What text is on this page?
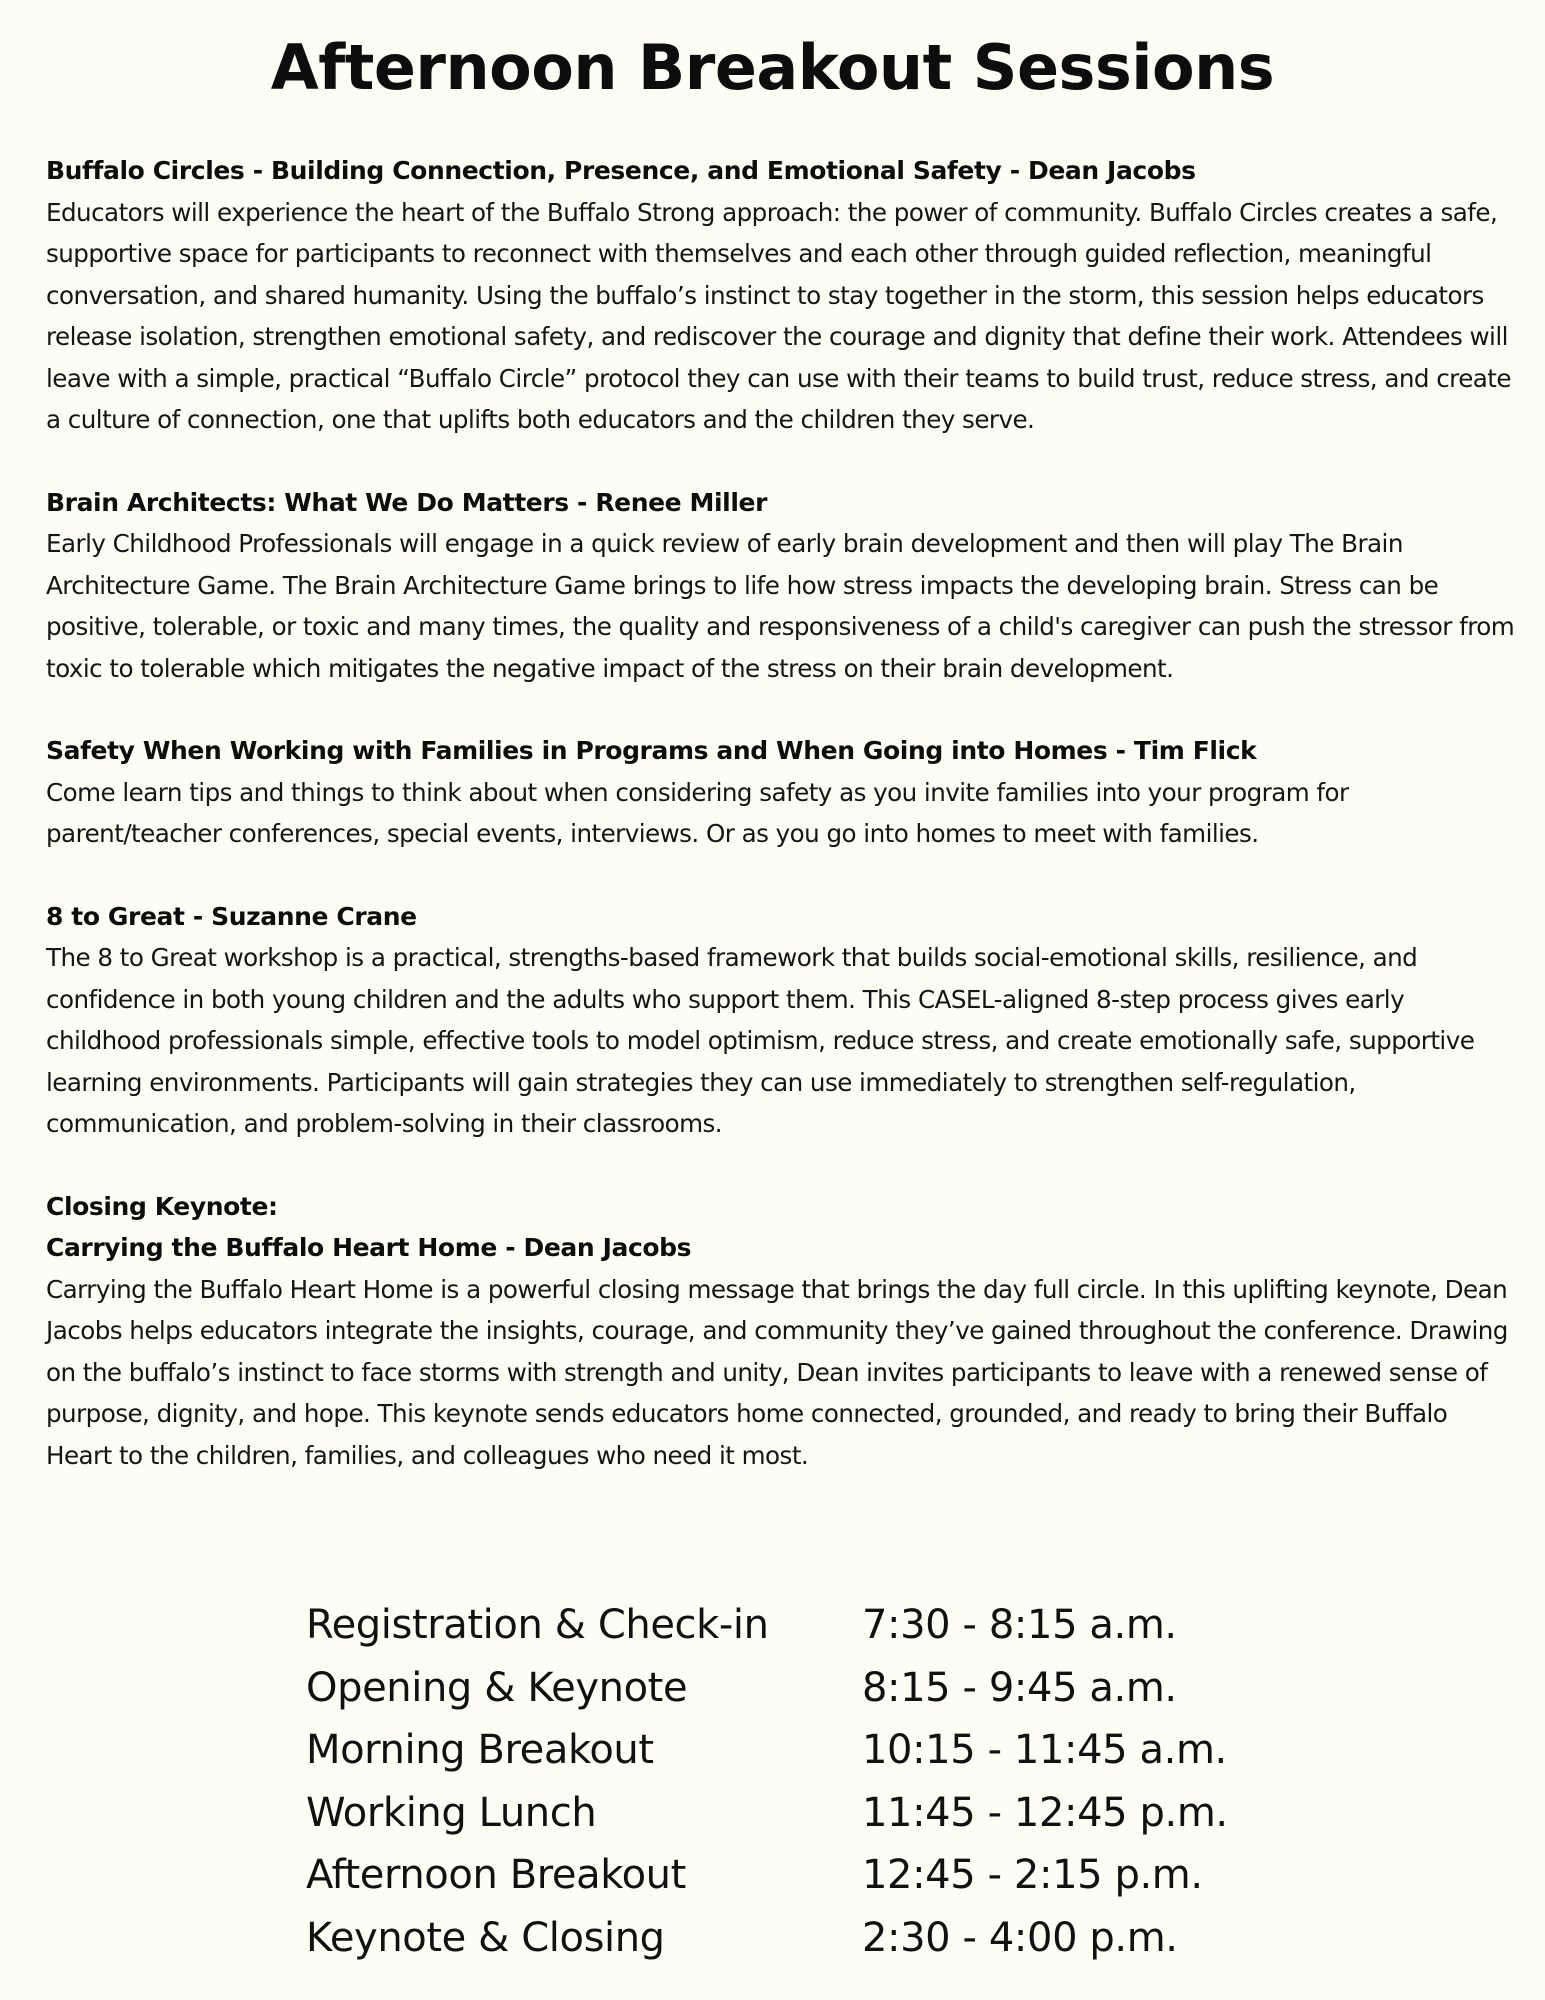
Afternoon Breakout Sessions
Buffalo Circles - Building Connection, Presence, and Emotional Safety - Dean Jacobs
Educators will experience the heart of the Buffalo Strong approach: the power of community. Buffalo Circles creates a safe, supportive space for participants to reconnect with themselves and each other through guided reflection, meaningful conversation, and shared humanity. Using the buffalo’s instinct to stay together in the storm, this session helps educators release isolation, strengthen emotional safety, and rediscover the courage and dignity that define their work. Attendees will leave with a simple, practical “Buffalo Circle” protocol they can use with their teams to build trust, reduce stress, and create a culture of connection, one that uplifts both educators and the children they serve.
Brain Architects: What We Do Matters - Renee Miller
Early Childhood Professionals will engage in a quick review of early brain development and then will play The Brain Architecture Game. The Brain Architecture Game brings to life how stress impacts the developing brain. Stress can be positive, tolerable, or toxic and many times, the quality and responsiveness of a child's caregiver can push the stressor from toxic to tolerable which mitigates the negative impact of the stress on their brain development.
Safety When Working with Families in Programs and When Going into Homes - Tim Flick
Come learn tips and things to think about when considering safety as you invite families into your program for parent/teacher conferences, special events, interviews. Or as you go into homes to meet with families.
8 to Great - Suzanne Crane
The 8 to Great workshop is a practical, strengths-based framework that builds social-emotional skills, resilience, and confidence in both young children and the adults who support them. This CASEL-aligned 8-step process gives early childhood professionals simple, effective tools to model optimism, reduce stress, and create emotionally safe, supportive learning environments. Participants will gain strategies they can use immediately to strengthen self-regulation, communication, and problem-solving in their classrooms.
Closing Keynote:
Carrying the Buffalo Heart Home - Dean Jacobs
Carrying the Buffalo Heart Home is a powerful closing message that brings the day full circle. In this uplifting keynote, Dean Jacobs helps educators integrate the insights, courage, and community they’ve gained throughout the conference. Drawing on the buffalo’s instinct to face storms with strength and unity, Dean invites participants to leave with a renewed sense of purpose, dignity, and hope. This keynote sends educators home connected, grounded, and ready to bring their Buffalo Heart to the children, families, and colleagues who need it most.
Registration & Check-in	7:30 - 8:15 a.m.
Opening & Keynote	8:15 - 9:45 a.m.
Morning Breakout	10:15 - 11:45 a.m.
Working Lunch	11:45 - 12:45 p.m.
Afternoon Breakout	12:45 - 2:15 p.m.
Keynote & Closing	2:30 - 4:00 p.m.
